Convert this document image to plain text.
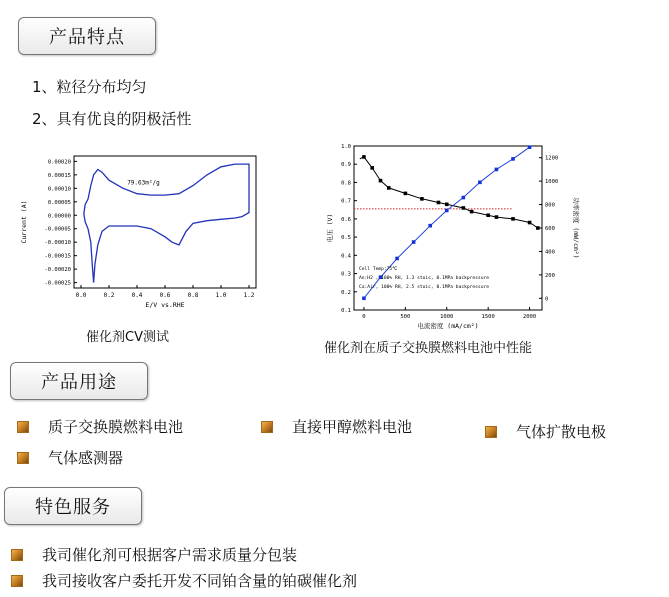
产品特点
1、粒径分布均匀
2、具有优良的阴极活性
0.0	0.2	0.4	0.6	0.8	1.0	1.2
0.00020
0.00015
0.00010
0.00005
0.00000
-0.00005
-0.00010
-0.00015
-0.00020
-0.00025
E/V vs.RHE
Current (A)
79.63m²/g
催化剂CV测试
0	500	1000	1500	2000
0.1
0.2
0.3
0.4
0.5
0.6
0.7
0.8
0.9
1.0
0
200
400
600
800
1000
1200
电流密度 (mA/cm²)
电压 (V)	功率密度 (mW/cm²)
Cell Temp:75℃
An:H2 , 100% RH, 1.3 stoic, 0.1MPa backpressure
Ca:Air, 100% RH, 2.5 stoic, 0.1MPa backpressure
催化剂在质子交换膜燃料电池中性能
产品用途
质子交换膜燃料电池	直接甲醇燃料电池	气体扩散电极
气体感测器
特色服务
我司催化剂可根据客户需求质量分包装
我司接收客户委托开发不同铂含量的铂碳催化剂
